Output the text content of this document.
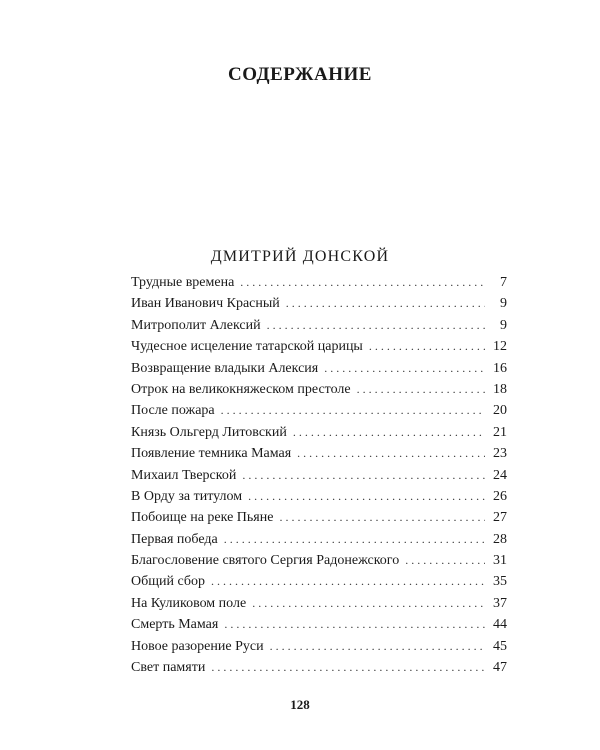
СОДЕРЖАНИЕ
ДМИТРИЙ ДОНСКОЙ
Трудные времена . . .	7
Иван Иванович Красный . . .	9
Митрополит Алексий . . .	9
Чудесное исцеление татарской царицы . . .	12
Возвращение владыки Алексия . . .	16
Отрок на великокняжеском престоле . . .	18
После пожара . . .	20
Князь Ольгерд Литовский . . .	21
Появление темника Мамая . . .	23
Михаил Тверской . . .	24
В Орду за титулом . . .	26
Побоище на реке Пьяне . . .	27
Первая победа . . .	28
Благословение святого Сергия Радонежского . . .	31
Общий сбор . . .	35
На Куликовом поле . . .	37
Смерть Мамая . . .	44
Новое разорение Руси . . .	45
Свет памяти . . .	47
128
